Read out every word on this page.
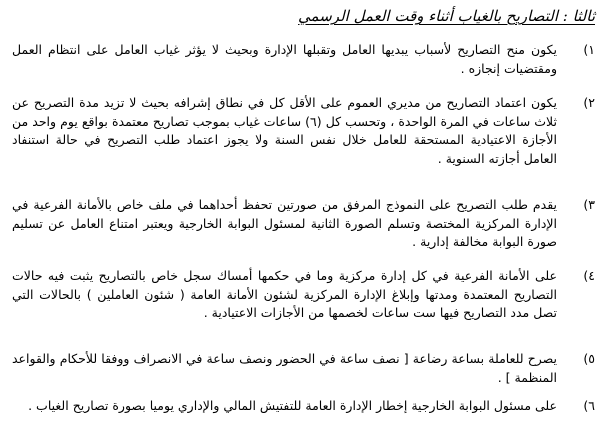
ثالثا : التصاريح بالغياب أثناء وقت العمل الرسمي
١)

يكون منح التصاريح لأسباب يبديها العامل وتقبلها الإدارة وبحيث لا يؤثر غياب العامل على انتظام العمل ومقتضيات إنجازه .

٢)

يكون اعتماد التصاريح من مديري العموم على الأقل كل في نطاق إشرافه بحيث لا تزيد مدة التصريح عن ثلاث ساعات في المرة الواحدة ، وتحسب كل (٦) ساعات غياب بموجب تصاريح معتمدة بواقع يوم واحد من الأجازة الاعتيادية المستحقة للعامل خلال نفس السنة ولا يجوز اعتماد طلب التصريح في حالة استنفاد العامل أجازته السنوية .

٣)

يقدم طلب التصريح على النموذج المرفق من صورتين تحفظ أحداهما في ملف خاص بالأمانة الفرعية في الإدارة المركزية المختصة وتسلم الصورة الثانية لمسئول البوابة الخارجية ويعتبر امتناع العامل عن تسليم صورة البوابة مخالفة إدارية .

٤)

على الأمانة الفرعية في كل إدارة مركزية وما في حكمها أمساك سجل خاص بالتصاريح يثبت فيه حالات التصاريح المعتمدة ومدتها وإبلاغ الإدارة المركزية لشئون الأمانة العامة ( شئون العاملين ) بالحالات التي تصل مدد التصاريح فيها ست ساعات لخصمها من الأجازات الاعتيادية .

٥)

يصرح للعاملة بساعة رضاعة [ نصف ساعة في الحضور ونصف ساعة في الانصراف ووفقا للأحكام والقواعد المنظمة ] .

٦)

على مسئول البوابة الخارجية إخطار الإدارة العامة للتفتيش المالي والإداري يوميا بصورة تصاريح الغياب .
